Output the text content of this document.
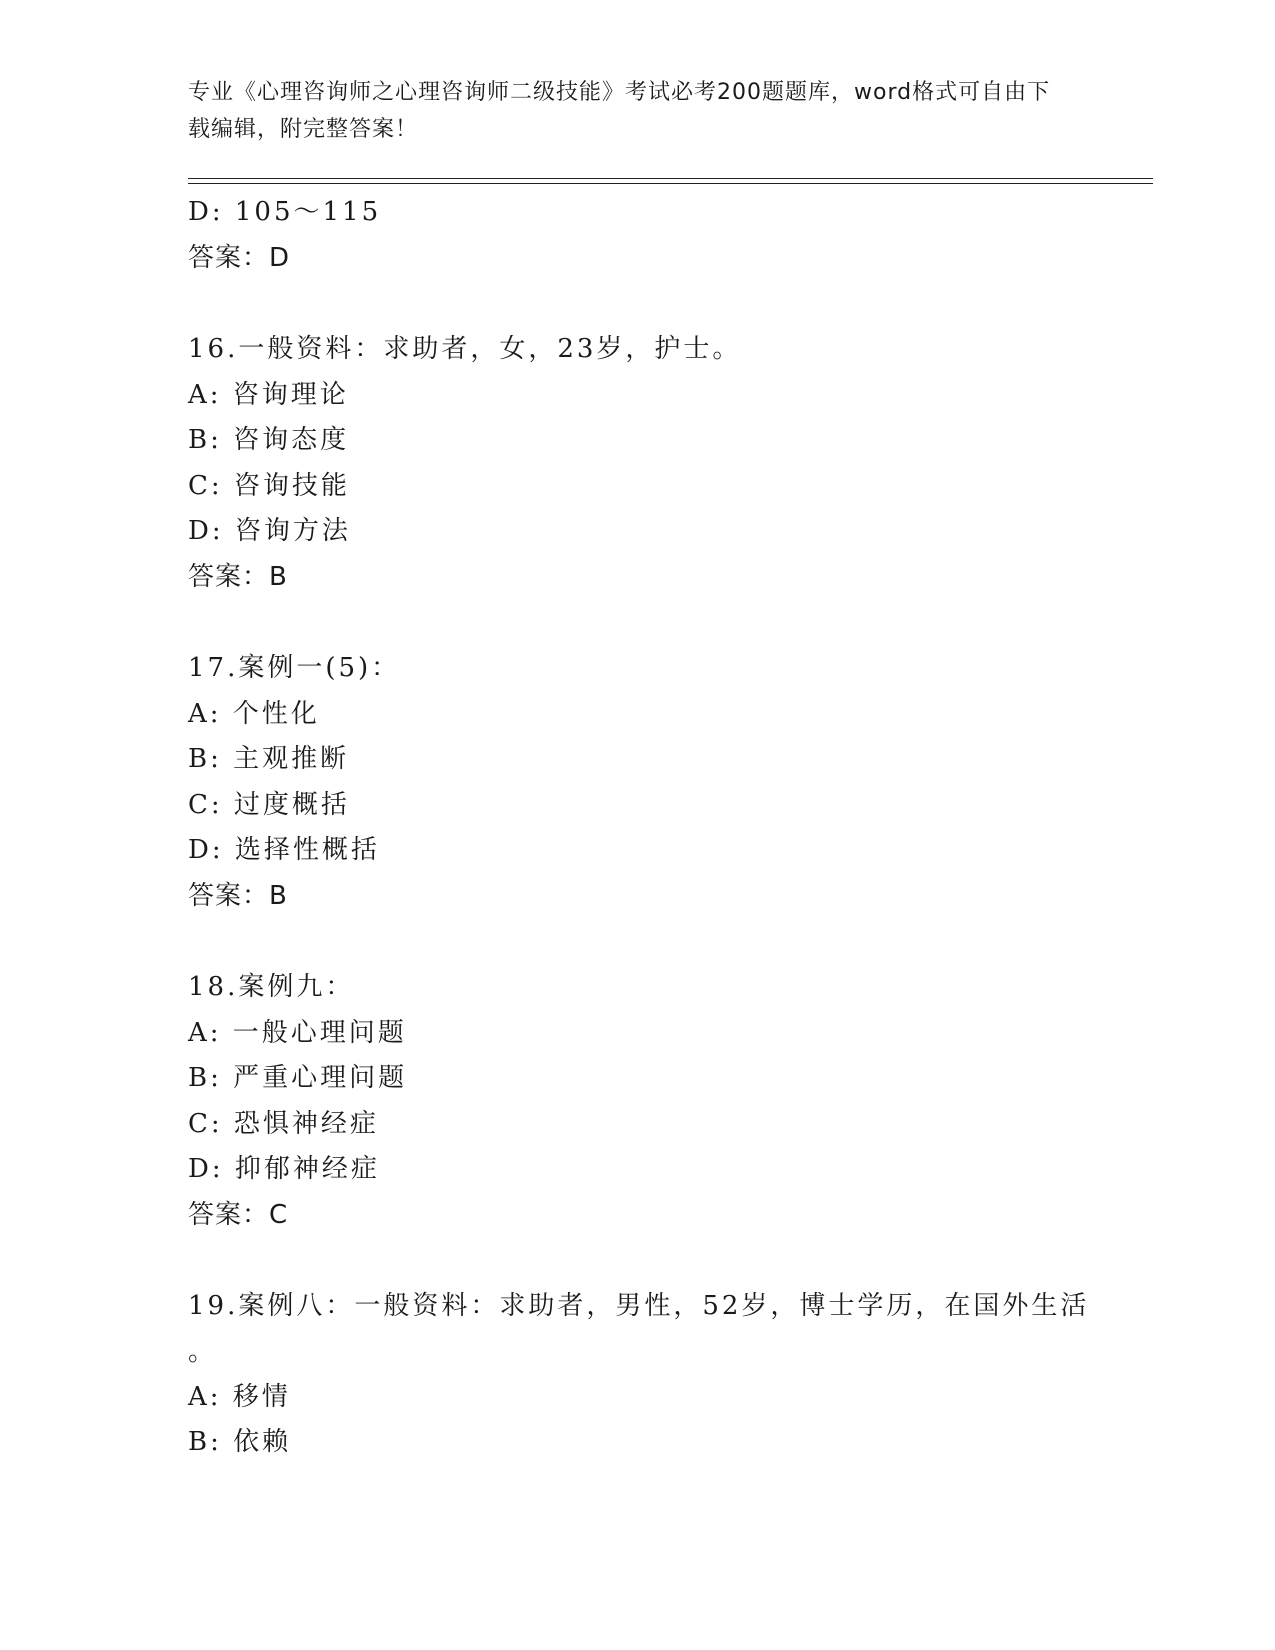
专业《心理咨询师之心理咨询师二级技能》考试必考200题题库，word格式可自由下载编辑，附完整答案！
D: 105～115
答案：D
16.一般资料：求助者，女，23岁，护士。
A: 咨询理论
B: 咨询态度
C: 咨询技能
D: 咨询方法
答案：B
17.案例一(5)：
A: 个性化
B: 主观推断
C: 过度概括
D: 选择性概括
答案：B
18.案例九：
A: 一般心理问题
B: 严重心理问题
C: 恐惧神经症
D: 抑郁神经症
答案：C
19.案例八：一般资料：求助者，男性，52岁，博士学历，在国外生活
。
A: 移情
B: 依赖
